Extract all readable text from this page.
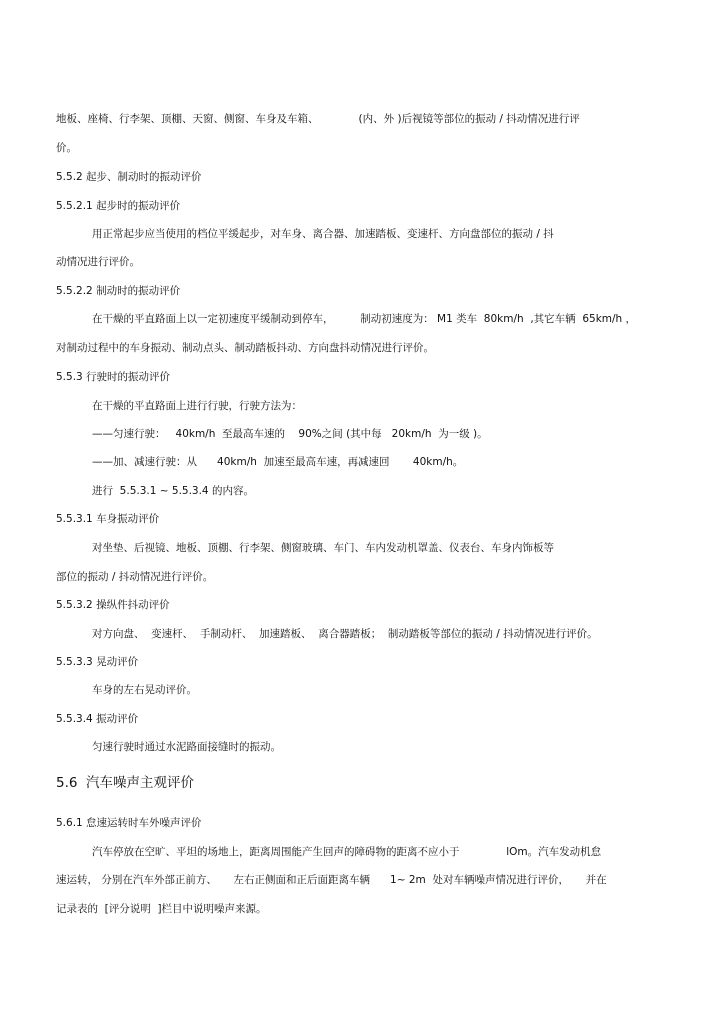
地板、座椅、行李架、顶棚、天窗、侧窗、车身及车箱、            (内、外 )后视镜等部位的振动 / 抖动情况进行评
价。
5.5.2 起步、制动时的振动评价
5.5.2.1 起步时的振动评价
用正常起步应当使用的档位平缓起步，对车身、离合器、加速踏板、变速杆、方向盘部位的振动 / 抖
动情况进行评价。
5.5.2.2 制动时的振动评价
在干燥的平直路面上以一定初速度平缓制动到停车，        制动初速度为： M1 类车  80km/h  ,其它车辆  65km/h ，
对制动过程中的车身振动、制动点头、制动踏板抖动、方向盘抖动情况进行评价。
5.5.3 行驶时的振动评价
在干燥的平直路面上进行行驶，行驶方法为：
——匀速行驶：   40km/h  至最高车速的    90%之间 (其中每   20km/h  为一级 )。
——加、减速行驶：从      40km/h  加速至最高车速，再减速回       40km/h。
进行  5.5.3.1 ~ 5.5.3.4 的内容。
5.5.3.1 车身振动评价
对坐垫、后视镜、地板、顶棚、行李架、侧窗玻璃、车门、车内发动机罩盖、仪表台、车身内饰板等
部位的振动 / 抖动情况进行评价。
5.5.3.2 操纵件抖动评价
对方向盘、  变速杆、  手制动杆、  加速踏板、  离合器踏板；  制动踏板等部位的振动 / 抖动情况进行评价。
5.5.3.3 晃动评价
车身的左右晃动评价。
5.5.3.4 振动评价
匀速行驶时通过水泥路面接缝时的振动。
5.6  汽车噪声主观评价
5.6.1 怠速运转时车外噪声评价
汽车停放在空旷、平坦的场地上，距离周围能产生回声的障碍物的距离不应小于              lOm。汽车发动机怠
速运转， 分别在汽车外部正前方、     左右正侧面和正后面距离车辆      1~ 2m  处对车辆噪声情况进行评价，     并在
记录表的  [评分说明  ]栏目中说明噪声来源。
